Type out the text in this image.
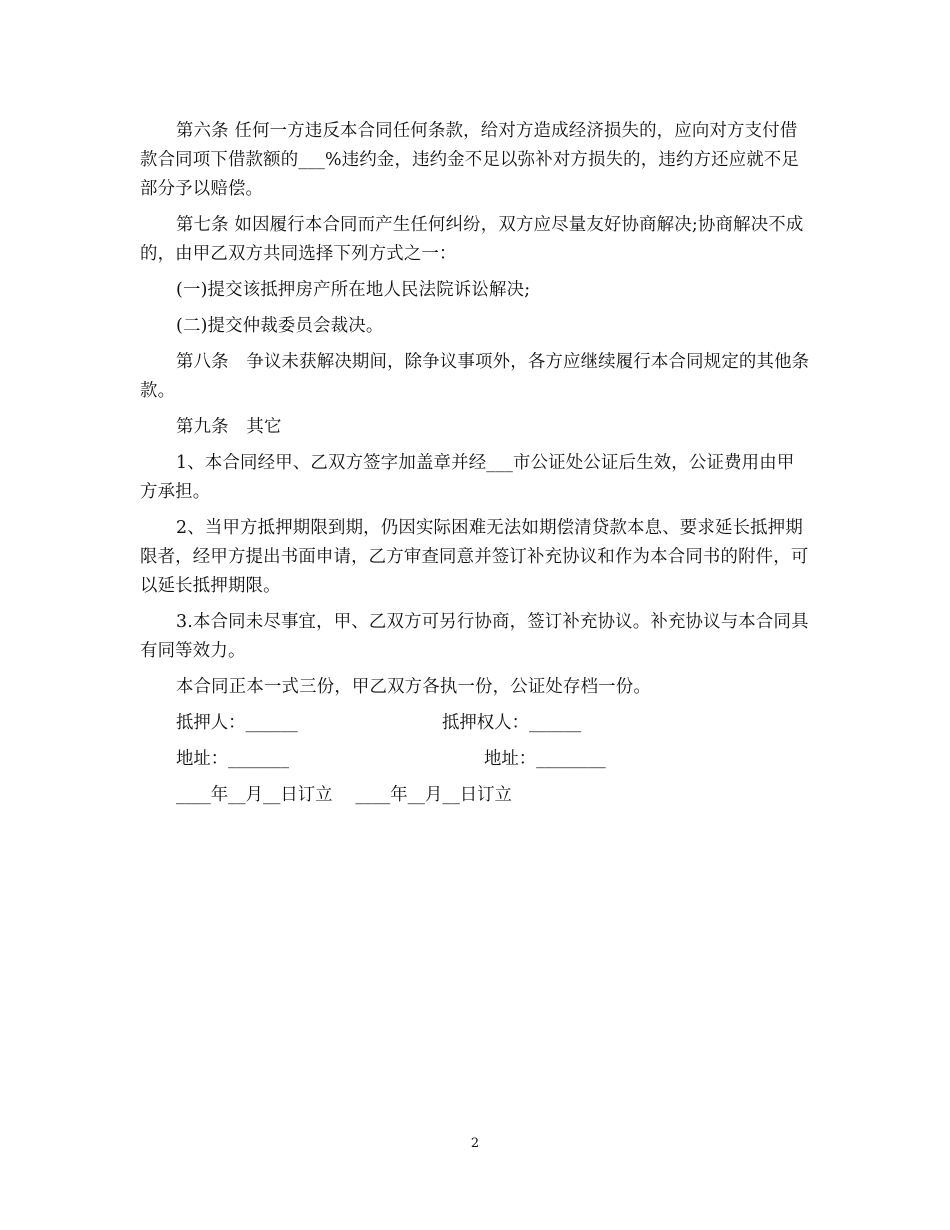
第六条 任何一方违反本合同任何条款，给对方造成经济损失的，应向对方支付借款合同项下借款额的___%违约金，违约金不足以弥补对方损失的，违约方还应就不足部分予以赔偿。

第七条 如因履行本合同而产生任何纠纷，双方应尽量友好协商解决;协商解决不成的，由甲乙双方共同选择下列方式之一：

(一)提交该抵押房产所在地人民法院诉讼解决;

(二)提交仲裁委员会裁决。

第八条　争议未获解决期间，除争议事项外，各方应继续履行本合同规定的其他条款。

第九条　其它

1、本合同经甲、乙双方签字加盖章并经___市公证处公证后生效，公证费用由甲方承担。

2、当甲方抵押期限到期，仍因实际困难无法如期偿清贷款本息、要求延长抵押期限者，经甲方提出书面申请，乙方审查同意并签订补充协议和作为本合同书的附件，可以延长抵押期限。

3.本合同未尽事宜，甲、乙双方可另行协商，签订补充协议。补充协议与本合同具有同等效力。

本合同正本一式三份，甲乙双方各执一份，公证处存档一份。

抵押人：______	抵押权人：______
地址：_______	地址：________
____年__月__日订立　 ____年__月__日订立
2
